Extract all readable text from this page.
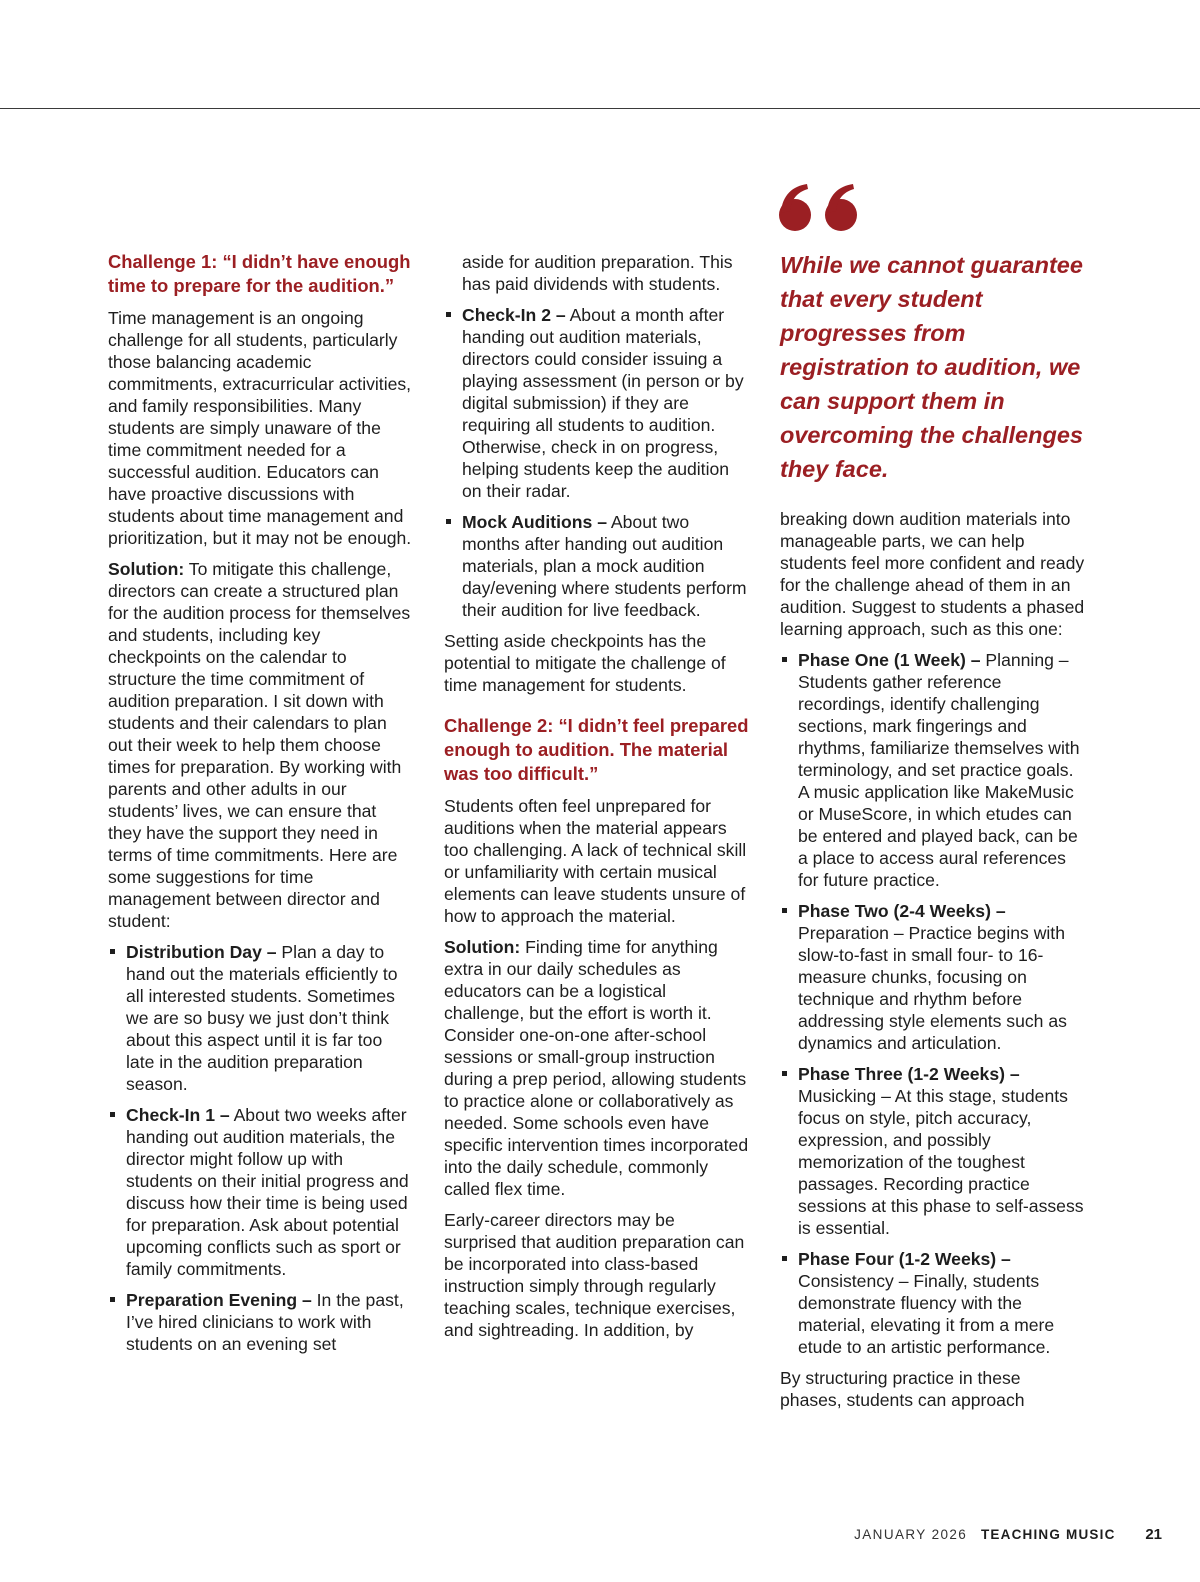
Challenge 1: “I didn’t have enough time to prepare for the audition.”

Time management is an ongoing challenge for all students, particularly those balancing academic commitments, extracurricular activities, and family responsibilities. Many students are simply unaware of the time commitment needed for a successful audition. Educators can have proactive discussions with students about time management and prioritization, but it may not be enough.

Solution: To mitigate this challenge, directors can create a structured plan for the audition process for themselves and students, including key checkpoints on the calendar to structure the time commitment of audition preparation. I sit down with students and their calendars to plan out their week to help them choose times for preparation. By working with parents and other adults in our students’ lives, we can ensure that they have the support they need in terms of time commitments. Here are some suggestions for time management between director and student:

Distribution Day – Plan a day to hand out the materials efficiently to all interested students. Sometimes we are so busy we just don’t think about this aspect until it is far too late in the audition preparation season.
Check-In 1 – About two weeks after handing out audition materials, the director might follow up with students on their initial progress and discuss how their time is being used for preparation. Ask about potential upcoming conflicts such as sport or family commitments.
Preparation Evening – In the past, I’ve hired clinicians to work with students on an evening set
aside for audition preparation. This has paid dividends with students.
Check-In 2 – About a month after handing out audition materials, directors could consider issuing a playing assessment (in person or by digital submission) if they are requiring all students to audition. Otherwise, check in on progress, helping students keep the audition on their radar.
Mock Auditions – About two months after handing out audition materials, plan a mock audition day/evening where students perform their audition for live feedback.

Setting aside checkpoints has the potential to mitigate the challenge of time management for students.

Challenge 2: “I didn’t feel prepared enough to audition. The material was too difficult.”

Students often feel unprepared for auditions when the material appears too challenging. A lack of technical skill or unfamiliarity with certain musical elements can leave students unsure of how to approach the material.

Solution: Finding time for anything extra in our daily schedules as educators can be a logistical challenge, but the effort is worth it. Consider one-on-one after-school sessions or small-group instruction during a prep period, allowing students to practice alone or collaboratively as needed. Some schools even have specific intervention times incorporated into the daily schedule, commonly called flex time.

Early-career directors may be surprised that audition preparation can be incorporated into class-based instruction simply through regularly teaching scales, technique exercises, and sightreading. In addition, by

While we cannot guarantee that every student progresses from registration to audition, we can support them in overcoming the challenges they face.

breaking down audition materials into manageable parts, we can help students feel more confident and ready for the challenge ahead of them in an audition. Suggest to students a phased learning approach, such as this one:

Phase One (1 Week) – Planning – Students gather reference recordings, identify challenging sections, mark fingerings and rhythms, familiarize themselves with terminology, and set practice goals. A music application like MakeMusic or MuseScore, in which etudes can be entered and played back, can be a place to access aural references for future practice.
Phase Two (2-4 Weeks) – Preparation – Practice begins with slow-to-fast in small four- to 16-measure chunks, focusing on technique and rhythm before addressing style elements such as dynamics and articulation.
Phase Three (1-2 Weeks) – Musicking – At this stage, students focus on style, pitch accuracy, expression, and possibly memorization of the toughest passages. Recording practice sessions at this phase to self-assess is essential.
Phase Four (1-2 Weeks) – Consistency – Finally, students demonstrate fluency with the material, elevating it from a mere etude to an artistic performance.

By structuring practice in these phases, students can approach

JANUARY 2026 TEACHING MUSIC 21
